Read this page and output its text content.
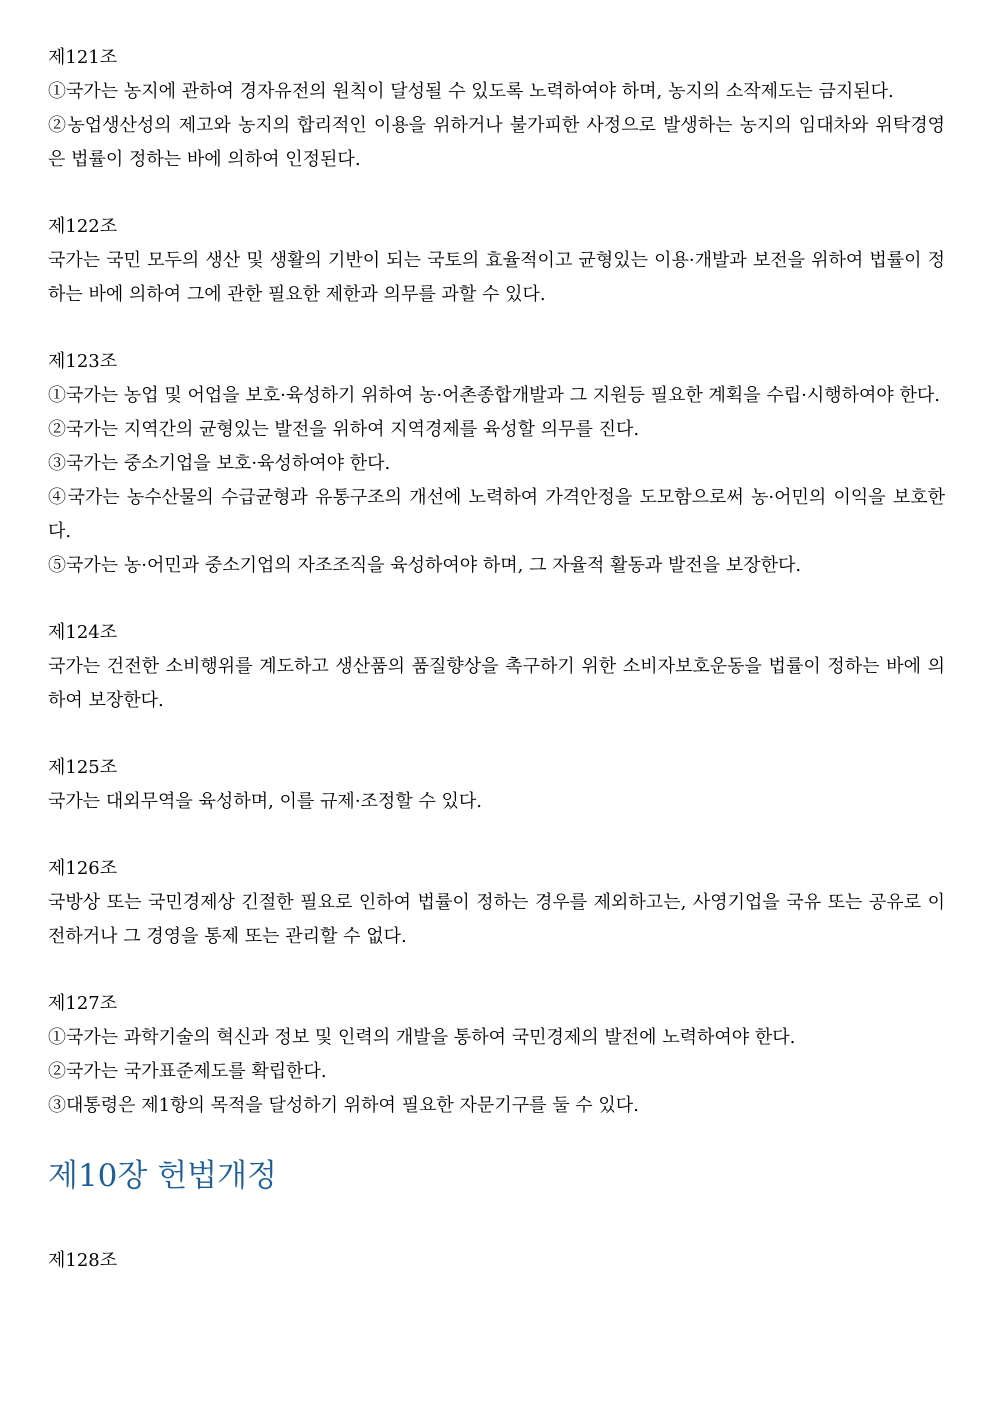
제121조

①국가는 농지에 관하여 경자유전의 원칙이 달성될 수 있도록 노력하여야 하며, 농지의 소작제도는 금지된다.

②농업생산성의 제고와 농지의 합리적인 이용을 위하거나 불가피한 사정으로 발생하는 농지의 임대차와 위탁경영은 법률이 정하는 바에 의하여 인정된다.

제122조

국가는 국민 모두의 생산 및 생활의 기반이 되는 국토의 효율적이고 균형있는 이용·개발과 보전을 위하여 법률이 정하는 바에 의하여 그에 관한 필요한 제한과 의무를 과할 수 있다.

제123조

①국가는 농업 및 어업을 보호·육성하기 위하여 농·어촌종합개발과 그 지원등 필요한 계획을 수립·시행하여야 한다.

②국가는 지역간의 균형있는 발전을 위하여 지역경제를 육성할 의무를 진다.

③국가는 중소기업을 보호·육성하여야 한다.

④국가는 농수산물의 수급균형과 유통구조의 개선에 노력하여 가격안정을 도모함으로써 농·어민의 이익을 보호한다.

⑤국가는 농·어민과 중소기업의 자조조직을 육성하여야 하며, 그 자율적 활동과 발전을 보장한다.

제124조

국가는 건전한 소비행위를 계도하고 생산품의 품질향상을 촉구하기 위한 소비자보호운동을 법률이 정하는 바에 의하여 보장한다.

제125조

국가는 대외무역을 육성하며, 이를 규제·조정할 수 있다.

제126조

국방상 또는 국민경제상 긴절한 필요로 인하여 법률이 정하는 경우를 제외하고는, 사영기업을 국유 또는 공유로 이전하거나 그 경영을 통제 또는 관리할 수 없다.

제127조

①국가는 과학기술의 혁신과 정보 및 인력의 개발을 통하여 국민경제의 발전에 노력하여야 한다.

②국가는 국가표준제도를 확립한다.

③대통령은 제1항의 목적을 달성하기 위하여 필요한 자문기구를 둘 수 있다.

제10장 헌법개정

제128조
